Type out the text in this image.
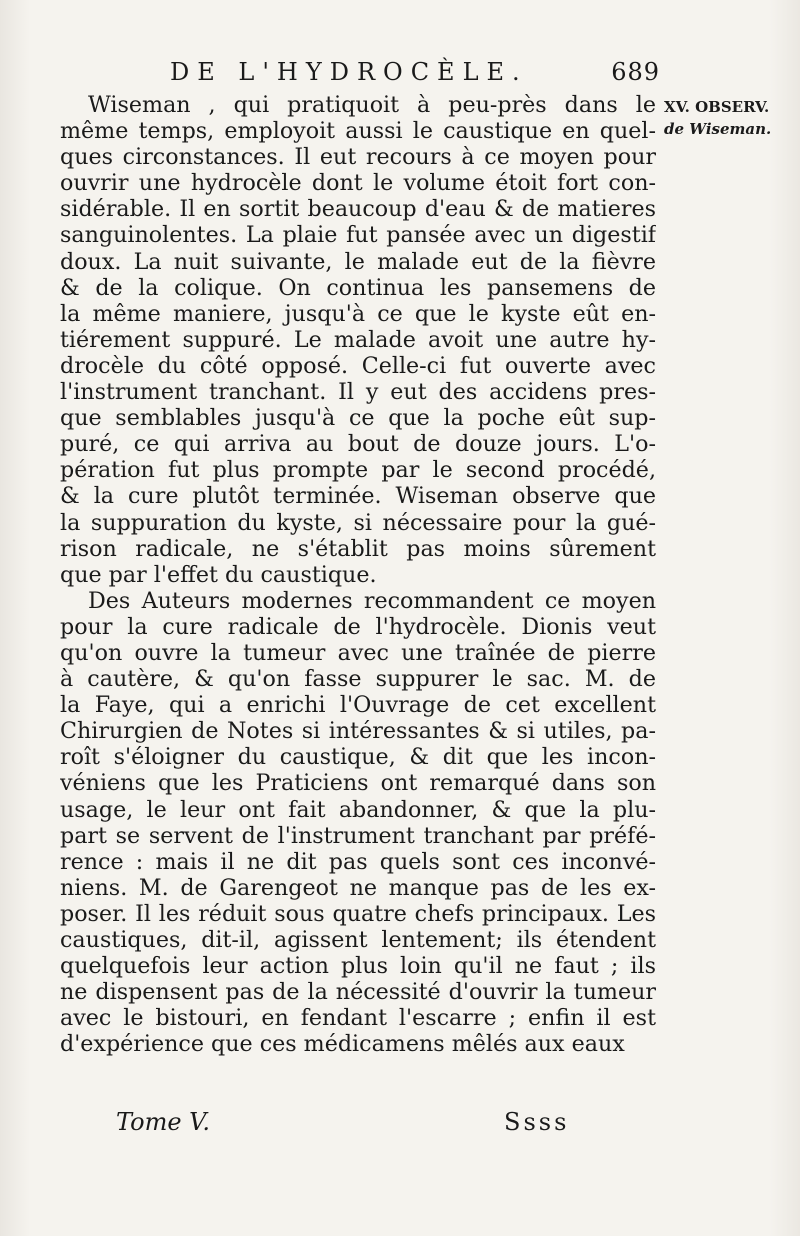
DE L'HYDROCÈLE.	689
XV. OBSERV.
de Wiseman.
Wiseman , qui pratiquoit à peu-près dans le
même temps, employoit aussi le caustique en quel-
ques circonstances. Il eut recours à ce moyen pour
ouvrir une hydrocèle dont le volume étoit fort con-
sidérable. Il en sortit beaucoup d'eau & de matieres
sanguinolentes. La plaie fut pansée avec un digestif
doux. La nuit suivante, le malade eut de la fièvre
& de la colique. On continua les pansemens de
la même maniere, jusqu'à ce que le kyste eût en-
tiérement suppuré. Le malade avoit une autre hy-
drocèle du côté opposé. Celle-ci fut ouverte avec
l'instrument tranchant. Il y eut des accidens pres-
que semblables jusqu'à ce que la poche eût sup-
puré, ce qui arriva au bout de douze jours. L'o-
pération fut plus prompte par le second procédé,
& la cure plutôt terminée. Wiseman observe que
la suppuration du kyste, si nécessaire pour la gué-
rison radicale, ne s'établit pas moins sûrement
que par l'effet du caustique.
Des Auteurs modernes recommandent ce moyen
pour la cure radicale de l'hydrocèle. Dionis veut
qu'on ouvre la tumeur avec une traînée de pierre
à cautère, & qu'on fasse suppurer le sac. M. de
la Faye, qui a enrichi l'Ouvrage de cet excellent
Chirurgien de Notes si intéressantes & si utiles, pa-
roît s'éloigner du caustique, & dit que les incon-
véniens que les Praticiens ont remarqué dans son
usage, le leur ont fait abandonner, & que la plu-
part se servent de l'instrument tranchant par préfé-
rence : mais il ne dit pas quels sont ces inconvé-
niens. M. de Garengeot ne manque pas de les ex-
poser. Il les réduit sous quatre chefs principaux. Les
caustiques, dit-il, agissent lentement; ils étendent
quelquefois leur action plus loin qu'il ne faut ; ils
ne dispensent pas de la nécessité d'ouvrir la tumeur
avec le bistouri, en fendant l'escarre ; enfin il est
d'expérience que ces médicamens mêlés aux eaux
Tome V.	Ssss
